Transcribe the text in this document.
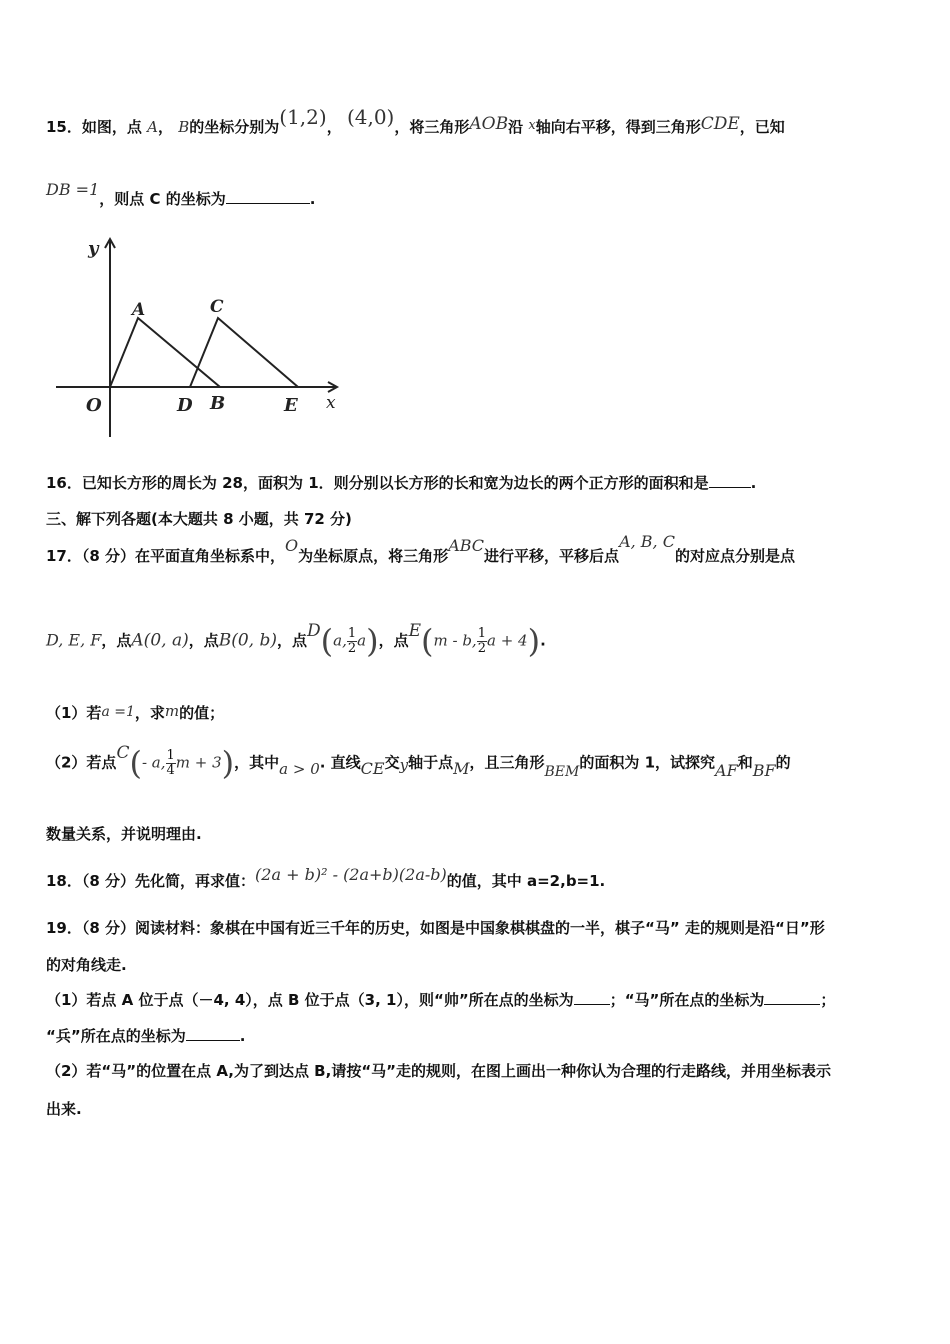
15．如图，点 A， B的坐标分别为(1,2)， (4,0)，将三角形AOB沿 x轴向右平移，得到三角形CDE，已知
DB =1，则点 C 的坐标为	.
y
x
O
A	C
D B	E
16．已知长方形的周长为 28，面积为 1．则分别以长方形的长和宽为边长的两个正方形的面积和是	.
三、解下列各题(本大题共 8 小题，共 72 分)
17．（8 分）在平面直角坐标系中，O为坐标原点，将三角形ABC进行平移，平移后点A, B, C的对应点分别是点
D, E, F，点A(0, a)，点B(0, b)，点D(a, $\frac{1}{2} a$)，点E(m - b, $\frac{1}{2}$ a + 4).
（1）若a =1，求m的值；
（2）若点C(- a, $\frac{1}{4}$ m + 3)，其中a > 0. 直线CE交y轴于点M，且三角形BEM的面积为 1，试探究AF和BF的
数量关系，并说明理由.
18．（8 分）先化简，再求值：(2a + b)² - (2a+b)(2a-b)的值，其中 a=2,b=1.
19．（8 分）阅读材料：象棋在中国有近三千年的历史，如图是中国象棋棋盘的一半，棋子“马” 走的规则是沿“日”形
的对角线走.
（1）若点 A 位于点（－4, 4），点 B 位于点（3, 1），则“帅”所在点的坐标为 ；“马”所在点的坐标为	；
“兵”所在点的坐标为	.
（2）若“马”的位置在点 A,为了到达点 B,请按“马”走的规则，在图上画出一种你认为合理的行走路线，并用坐标表示
出来.
